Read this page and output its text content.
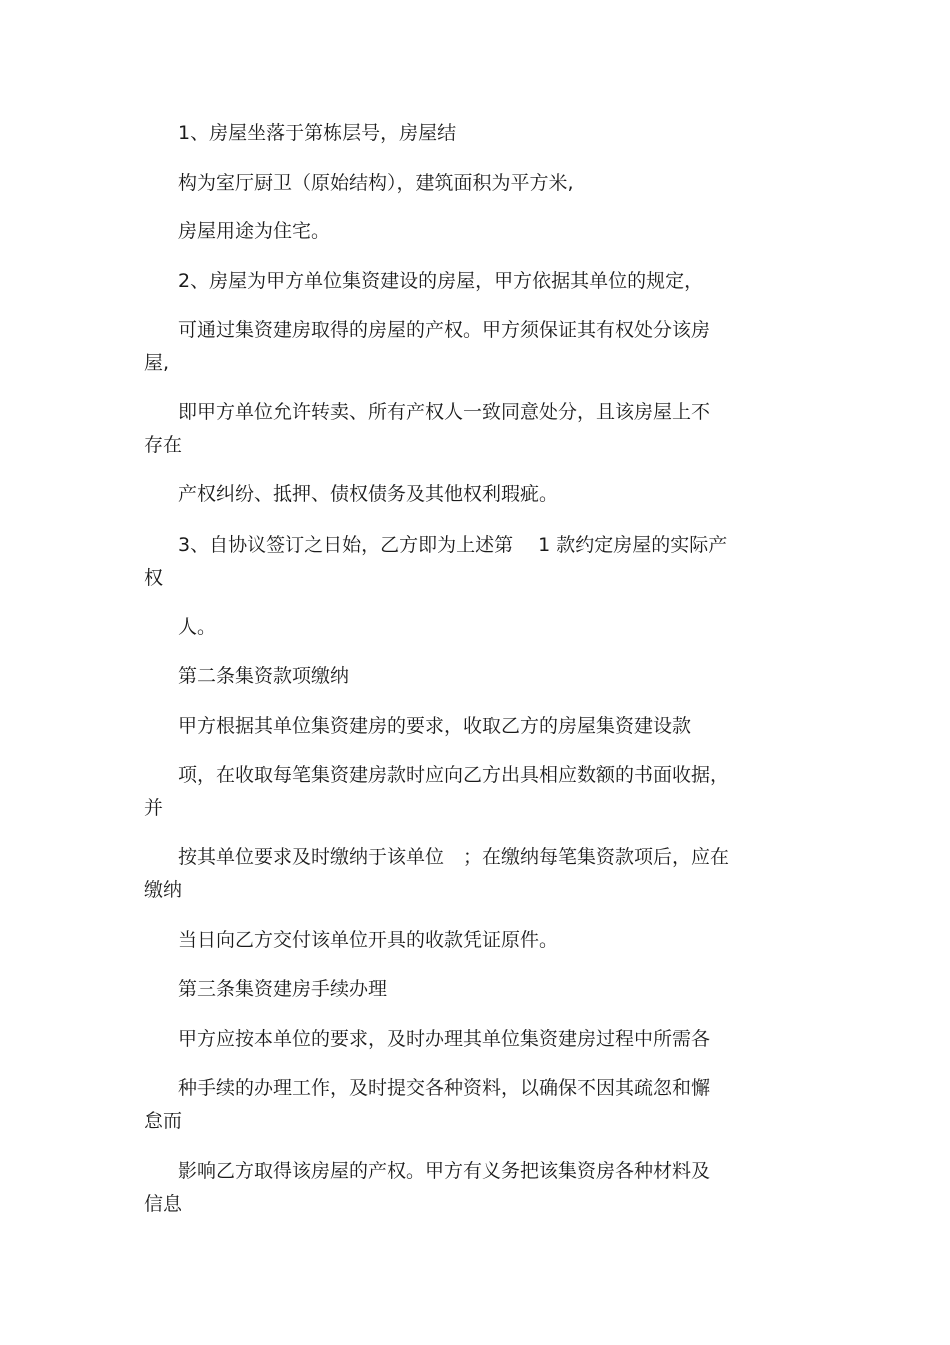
1、房屋坐落于第栋层号，房屋结
构为室厅厨卫（原始结构），建筑面积为平方米,
房屋用途为住宅。
2、房屋为甲方单位集资建设的房屋，甲方依据其单位的规定，
可通过集资建房取得的房屋的产权。甲方须保证其有权处分该房
屋,
即甲方单位允许转卖、所有产权人一致同意处分，且该房屋上不
存在
产权纠纷、抵押、债权债务及其他权利瑕疵。
3、自协议签订之日始，乙方即为上述第　 1 款约定房屋的实际产
权
人。
第二条集资款项缴纳
甲方根据其单位集资建房的要求，收取乙方的房屋集资建设款
项，在收取每笔集资建房款时应向乙方出具相应数额的书面收据，
并
按其单位要求及时缴纳于该单位　；在缴纳每笔集资款项后，应在
缴纳
当日向乙方交付该单位开具的收款凭证原件。
第三条集资建房手续办理
甲方应按本单位的要求，及时办理其单位集资建房过程中所需各
种手续的办理工作，及时提交各种资料，以确保不因其疏忽和懈
怠而
影响乙方取得该房屋的产权。甲方有义务把该集资房各种材料及
信息
